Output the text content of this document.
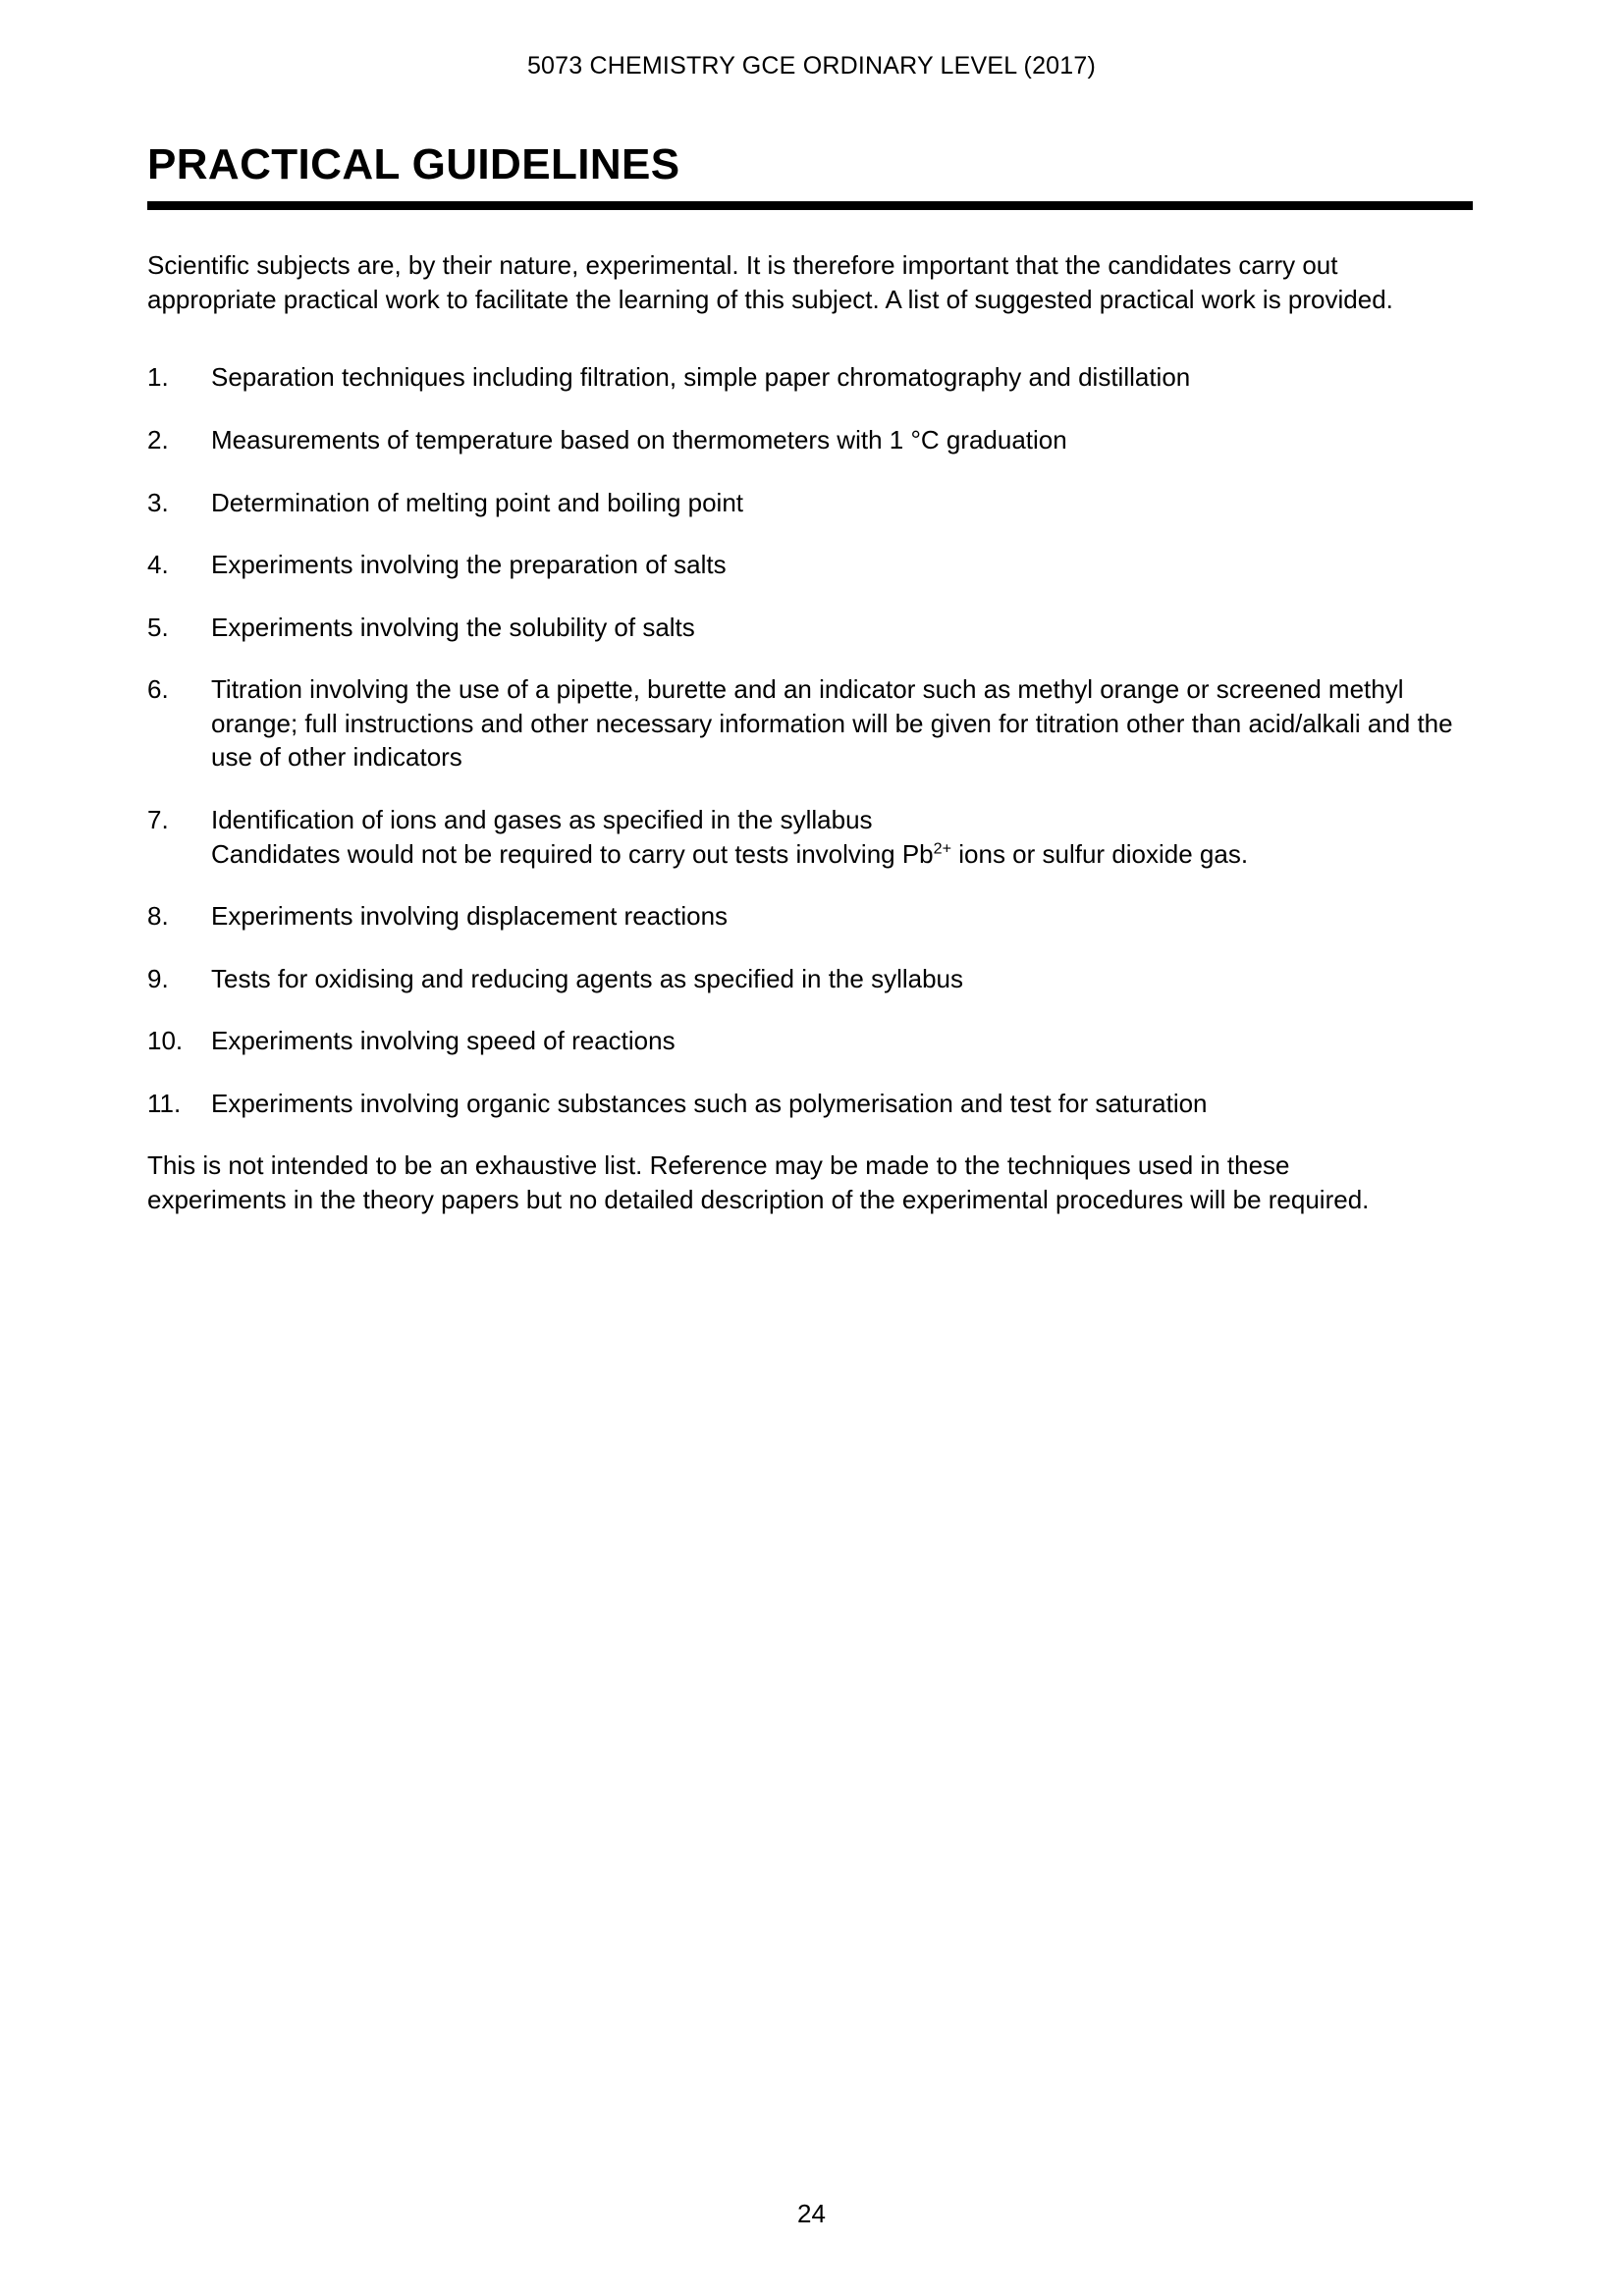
5073 CHEMISTRY GCE ORDINARY LEVEL (2017)
PRACTICAL GUIDELINES

Scientific subjects are, by their nature, experimental. It is therefore important that the candidates carry out appropriate practical work to facilitate the learning of this subject. A list of suggested practical work is provided.

1.	Separation techniques including filtration, simple paper chromatography and distillation
2.	Measurements of temperature based on thermometers with 1 °C graduation
3.	Determination of melting point and boiling point
4.	Experiments involving the preparation of salts
5.	Experiments involving the solubility of salts
6.	Titration involving the use of a pipette, burette and an indicator such as methyl orange or screened methyl orange; full instructions and other necessary information will be given for titration other than acid/alkali and the use of other indicators
7.	Identification of ions and gases as specified in the syllabus
Candidates would not be required to carry out tests involving $Pb^{2+}$ ions or sulfur dioxide gas.
8.	Experiments involving displacement reactions
9.	Tests for oxidising and reducing agents as specified in the syllabus
10.	Experiments involving speed of reactions
11.	Experiments involving organic substances such as polymerisation and test for saturation

This is not intended to be an exhaustive list. Reference may be made to the techniques used in these experiments in the theory papers but no detailed description of the experimental procedures will be required.

24
